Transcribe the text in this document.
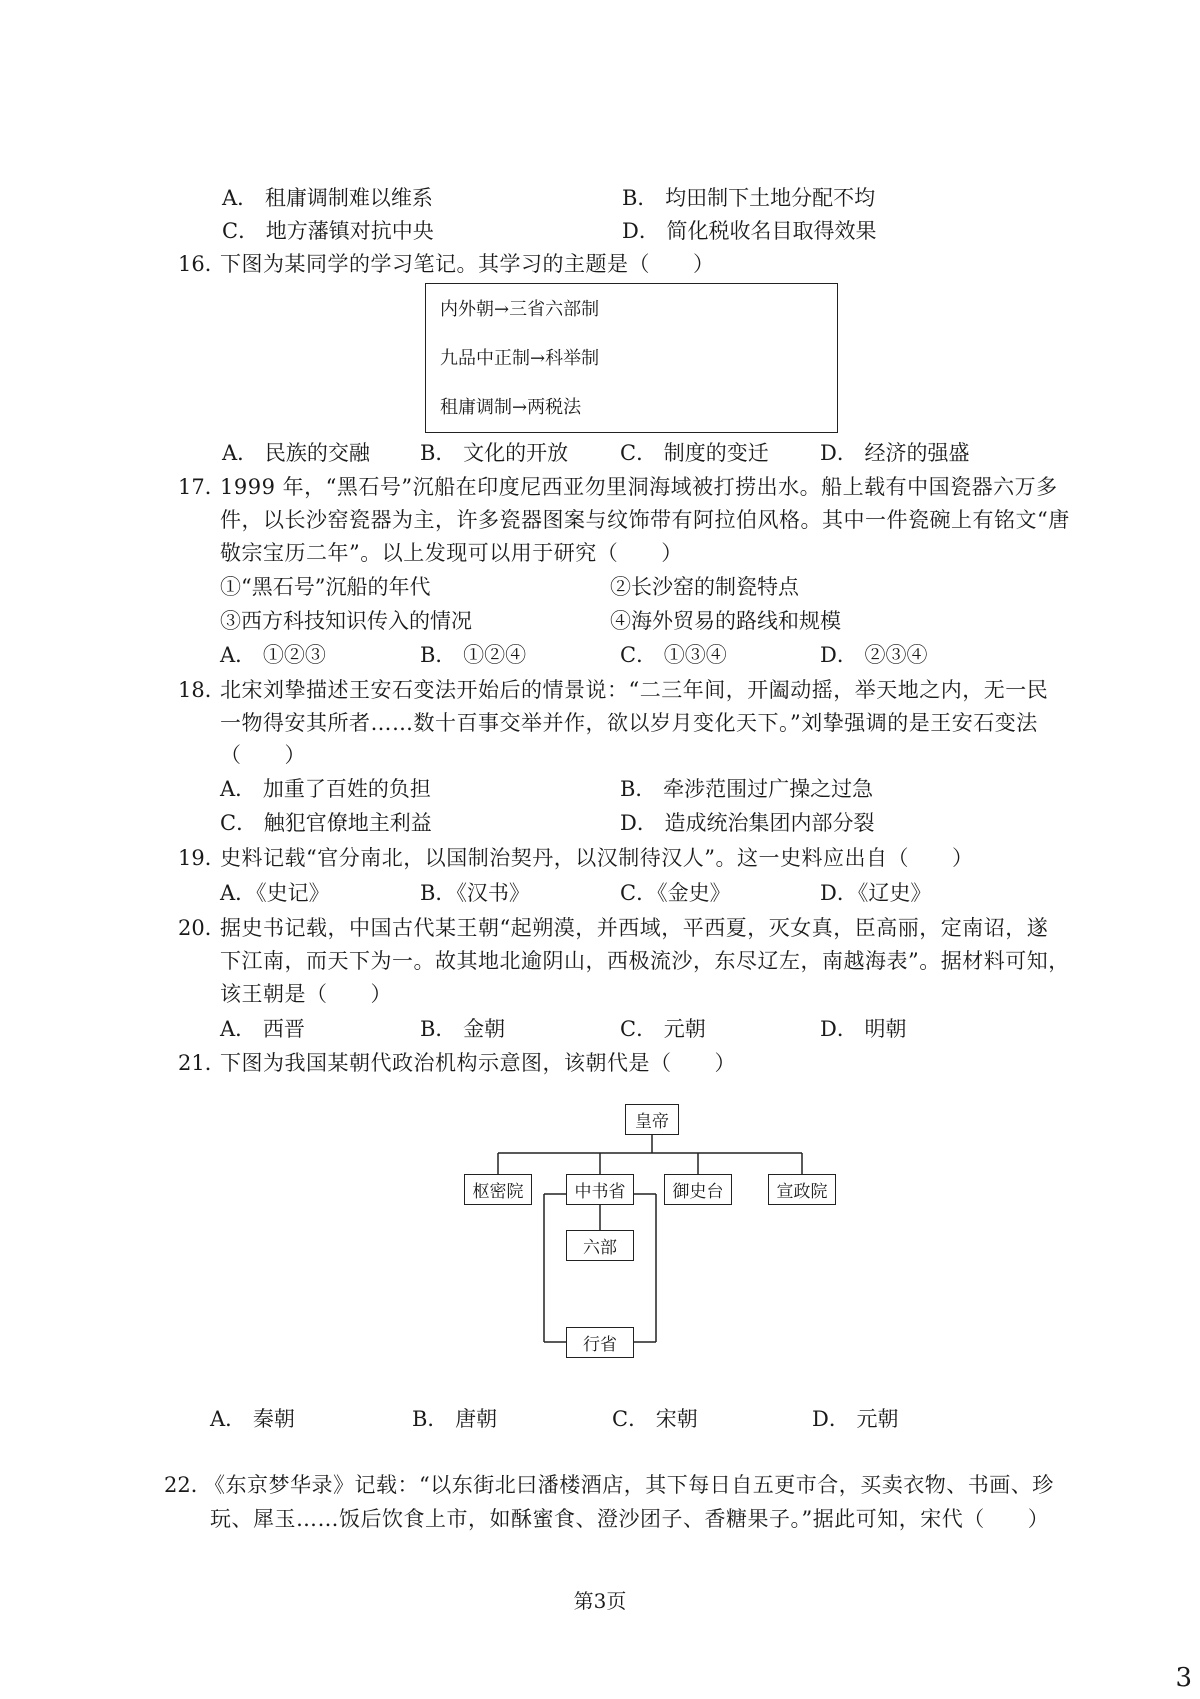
A． 租庸调制难以维系	B． 均田制下土地分配不均
C． 地方藩镇对抗中央	D． 简化税收名目取得效果
16．
下图为某同学的学习笔记。其学习的主题是（　　）
内外朝→三省六部制
九品中正制→科举制
租庸调制→两税法
A． 民族的交融 B． 文化的开放 C． 制度的变迁 D． 经济的强盛
17．
1999 年，“黑石号”沉船在印度尼西亚勿里洞海域被打捞出水。船上载有中国瓷器六万多
件，以长沙窑瓷器为主，许多瓷器图案与纹饰带有阿拉伯风格。其中一件瓷碗上有铭文“唐
敬宗宝历二年”。以上发现可以用于研究（　　）
①“黑石号”沉船的年代	②长沙窑的制瓷特点
③西方科技知识传入的情况	④海外贸易的路线和规模
A． ①②③	B． ①②④	C． ①③④	D． ②③④
18．
北宋刘挚描述王安石变法开始后的情景说：“二三年间，开阖动摇，举天地之内，无一民
一物得安其所者……数十百事交举并作，欲以岁月变化天下。”刘挚强调的是王安石变法
（　　）
A． 加重了百姓的负担	B． 牵涉范围过广操之过急
C． 触犯官僚地主利益	D． 造成统治集团内部分裂
19．
史料记载“官分南北，以国制治契丹，以汉制待汉人”。这一史料应出自（　　）
A．《史记》	B．《汉书》	C．《金史》	D．《辽史》
20．
据史书记载，中国古代某王朝“起朔漠，并西域，平西夏，灭女真，臣高丽，定南诏，遂
下江南，而天下为一。故其地北逾阴山，西极流沙，东尽辽左，南越海表”。据材料可知，
该王朝是（　　）
A． 西晋	B． 金朝	C． 元朝	D． 明朝
21．
下图为我国某朝代政治机构示意图，该朝代是（　　）
皇帝
枢密院	中书省	御史台	宣政院
六部
行省
A． 秦朝	B． 唐朝	C． 宋朝	D． 元朝
22．
《东京梦华录》记载：“以东街北曰潘楼酒店，其下每日自五更市合，买卖衣物、书画、珍
玩、犀玉……饭后饮食上市，如酥蜜食、澄沙团子、香糖果子。”据此可知，宋代（　　）
第3页
3
